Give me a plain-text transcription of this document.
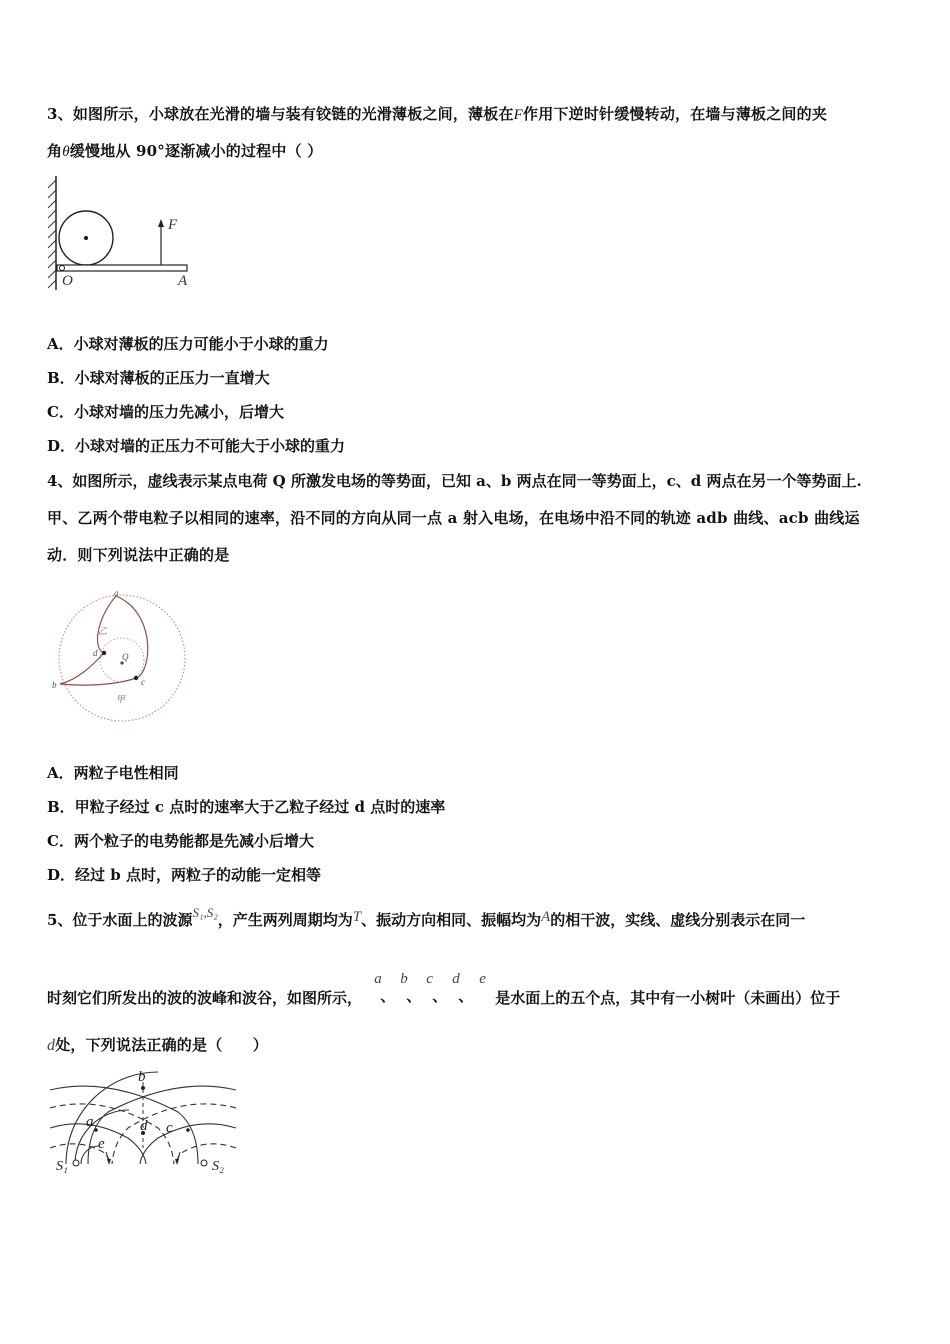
3、如图所示，小球放在光滑的墙与装有铰链的光滑薄板之间，薄板在F作用下逆时针缓慢转动，在墙与薄板之间的夹
角θ缓慢地从 90°逐渐减小的过程中（ ）
F
O	A
A．小球对薄板的压力可能小于小球的重力
B．小球对薄板的正压力一直增大
C．小球对墙的压力先减小，后增大
D．小球对墙的正压力不可能大于小球的重力
4、如图所示，虚线表示某点电荷 Q 所激发电场的等势面，已知 a、b 两点在同一等势面上，c、d 两点在另一个等势面上.
甲、乙两个带电粒子以相同的速率，沿不同的方向从同一点 a 射入电场，在电场中沿不同的轨迹 adb 曲线、acb 曲线运
动．则下列说法中正确的是
a
b	c
d	Q
乙
甲
A．两粒子电性相同
B．甲粒子经过 c 点时的速率大于乙粒子经过 d 点时的速率
C．两个粒子的电势能都是先减小后增大
D．经过 b 点时，两粒子的动能一定相等
5、位于水面上的波源S₁,S₂，产生两列周期均为T、振动方向相同、振幅均为A的相干波，实线、虚线分别表示在同一
时刻它们所发出的波的波峰和波谷，如图所示，
a
、
b
、
c
、
d
、
e
是水面上的五个点，其中有一小树叶（未画出）位于
d处，下列说法正确的是（　　）
b
a	d c
e
S₁	S₂
